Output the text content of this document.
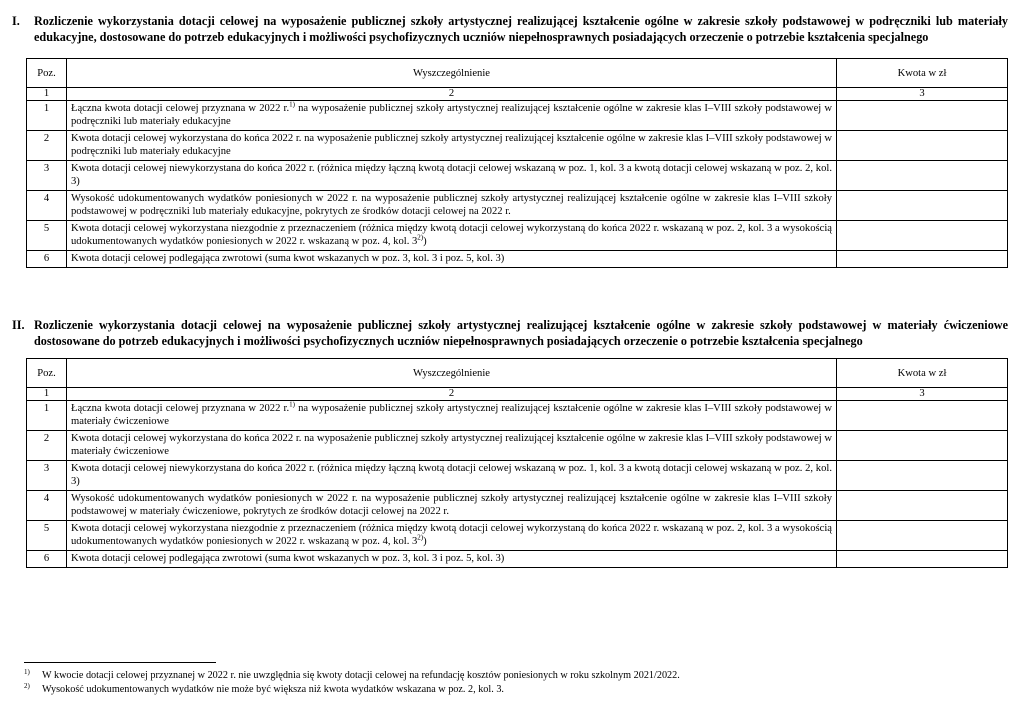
I. Rozliczenie wykorzystania dotacji celowej na wyposażenie publicznej szkoły artystycznej realizującej kształcenie ogólne w zakresie szkoły podstawowej w podręczniki lub materiały edukacyjne, dostosowane do potrzeb edukacyjnych i możliwości psychofizycznych uczniów niepełnosprawnych posiadających orzeczenie o potrzebie kształcenia specjalnego
Poz.	Wyszczególnienie	Kwota w zł
1	2	3
1	Łączna kwota dotacji celowej przyznana w 2022 r.$^{1)}$ na wyposażenie publicznej szkoły artystycznej realizującej kształcenie ogólne w zakresie klas I–VIII szkoły podstawowej w podręczniki lub materiały edukacyjne	
2	Kwota dotacji celowej wykorzystana do końca 2022 r. na wyposażenie publicznej szkoły artystycznej realizującej kształcenie ogólne w zakresie klas I–VIII szkoły podstawowej w podręczniki lub materiały edukacyjne	
3	Kwota dotacji celowej niewykorzystana do końca 2022 r. (różnica między łączną kwotą dotacji celowej wskazaną w poz. 1, kol. 3 a kwotą dotacji celowej wskazaną w poz. 2, kol. 3)	
4	Wysokość udokumentowanych wydatków poniesionych w 2022 r. na wyposażenie publicznej szkoły artystycznej realizującej kształcenie ogólne w zakresie klas I–VIII szkoły podstawowej w podręczniki lub materiały edukacyjne, pokrytych ze środków dotacji celowej na 2022 r.	
5	Kwota dotacji celowej wykorzystana niezgodnie z przeznaczeniem (różnica między kwotą dotacji celowej wykorzystaną do końca 2022 r. wskazaną w poz. 2, kol. 3 a wysokością udokumentowanych wydatków poniesionych w 2022 r. wskazaną w poz. 4, kol. 3$^{2)}$)	
6	Kwota dotacji celowej podlegająca zwrotowi (suma kwot wskazanych w poz. 3, kol. 3 i poz. 5, kol. 3)	
II. Rozliczenie wykorzystania dotacji celowej na wyposażenie publicznej szkoły artystycznej realizującej kształcenie ogólne w zakresie szkoły podstawowej w materiały ćwiczeniowe dostosowane do potrzeb edukacyjnych i możliwości psychofizycznych uczniów niepełnosprawnych posiadających orzeczenie o potrzebie kształcenia specjalnego
Poz.	Wyszczególnienie	Kwota w zł
1	2	3
1	Łączna kwota dotacji celowej przyznana w 2022 r.$^{1)}$ na wyposażenie publicznej szkoły artystycznej realizującej kształcenie ogólne w zakresie klas I–VIII szkoły podstawowej w materiały ćwiczeniowe	
2	Kwota dotacji celowej wykorzystana do końca 2022 r. na wyposażenie publicznej szkoły artystycznej realizującej kształcenie ogólne w zakresie klas I–VIII szkoły podstawowej w materiały ćwiczeniowe	
3	Kwota dotacji celowej niewykorzystana do końca 2022 r. (różnica między łączną kwotą dotacji celowej wskazaną w poz. 1, kol. 3 a kwotą dotacji celowej wskazaną w poz. 2, kol. 3)	
4	Wysokość udokumentowanych wydatków poniesionych w 2022 r. na wyposażenie publicznej szkoły artystycznej realizującej kształcenie ogólne w zakresie klas I–VIII szkoły podstawowej w materiały ćwiczeniowe, pokrytych ze środków dotacji celowej na 2022 r.	
5	Kwota dotacji celowej wykorzystana niezgodnie z przeznaczeniem (różnica między kwotą dotacji celowej wykorzystaną do końca 2022 r. wskazaną w poz. 2, kol. 3 a wysokością udokumentowanych wydatków poniesionych w 2022 r. wskazaną w poz. 4, kol. 3$^{2)}$)	
6	Kwota dotacji celowej podlegająca zwrotowi (suma kwot wskazanych w poz. 3, kol. 3 i poz. 5, kol. 3)	
1) W kwocie dotacji celowej przyznanej w 2022 r. nie uwzględnia się kwoty dotacji celowej na refundację kosztów poniesionych w roku szkolnym 2021/2022.
2) Wysokość udokumentowanych wydatków nie może być większa niż kwota wydatków wskazana w poz. 2, kol. 3.
